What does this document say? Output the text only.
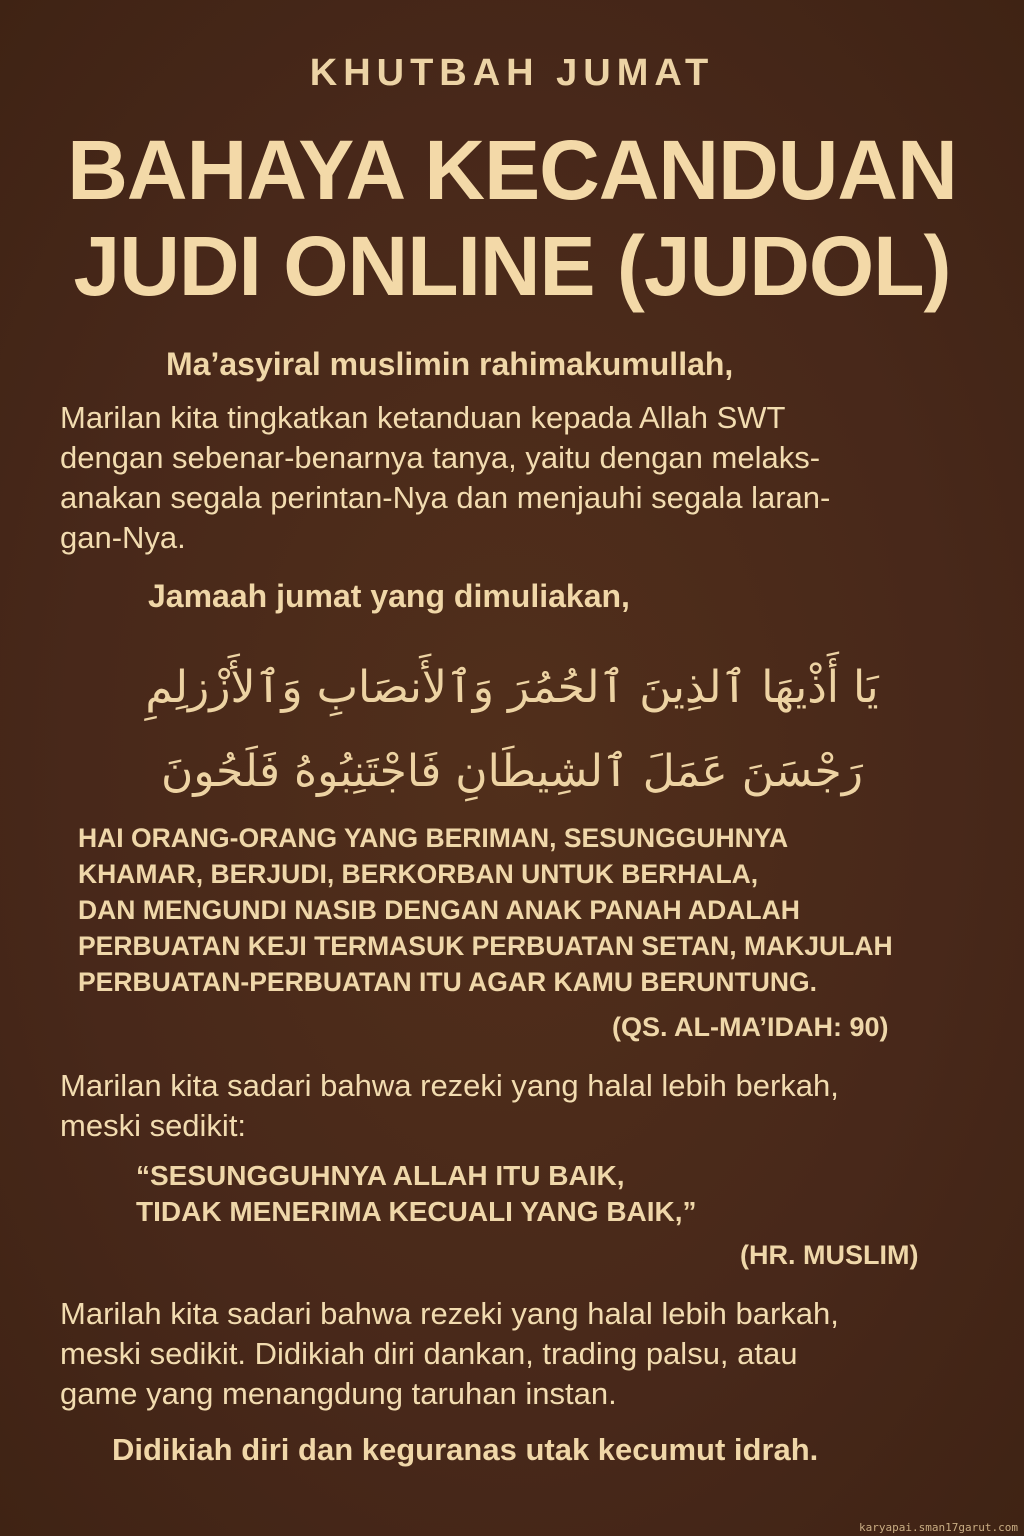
KHUTBAH JUMAT
BAHAYA KECANDUAN
JUDI ONLINE (JUDOL)
Ma’asyiral muslimin rahimakumullah,
Marilan kita tingkatkan ketanduan kepada Allah SWT
dengan sebenar-benarnya tanya, yaitu dengan melaks-
anakan segala perintan-Nya dan menjauhi segala laran-
gan-Nya.
Jamaah jumat yang dimuliakan,
يَا أَذْيهَا ٱلذِينَ ٱلحُمُرَ وَٱلأَنصَابِ وَٱلأَزْزلِمِ
رَجْسَنَ عَمَلَ ٱلشِيطَانِ فَاجْتَنِبُوهُ فَلَحُونَ
HAI ORANG-ORANG YANG BERIMAN, SESUNGGUHNYA
KHAMAR, BERJUDI, BERKORBAN UNTUK BERHALA,
DAN MENGUNDI NASIB DENGAN ANAK PANAH ADALAH
PERBUATAN KEJI TERMASUK PERBUATAN SETAN, MAKJULAH
PERBUATAN-PERBUATAN ITU AGAR KAMU BERUNTUNG.
(QS. AL-MA’IDAH: 90)
Marilan kita sadari bahwa rezeki yang halal lebih berkah,
meski sedikit:
“SESUNGGUHNYA ALLAH ITU BAIK,
TIDAK MENERIMA KECUALI YANG BAIK,”
(HR. MUSLIM)
Marilah kita sadari bahwa rezeki yang halal lebih barkah,
meski sedikit. Didikiah diri dankan, trading palsu, atau
game yang menangdung taruhan instan.
Didikiah diri dan keguranas utak kecumut idrah.
karyapai.sman17garut.com
